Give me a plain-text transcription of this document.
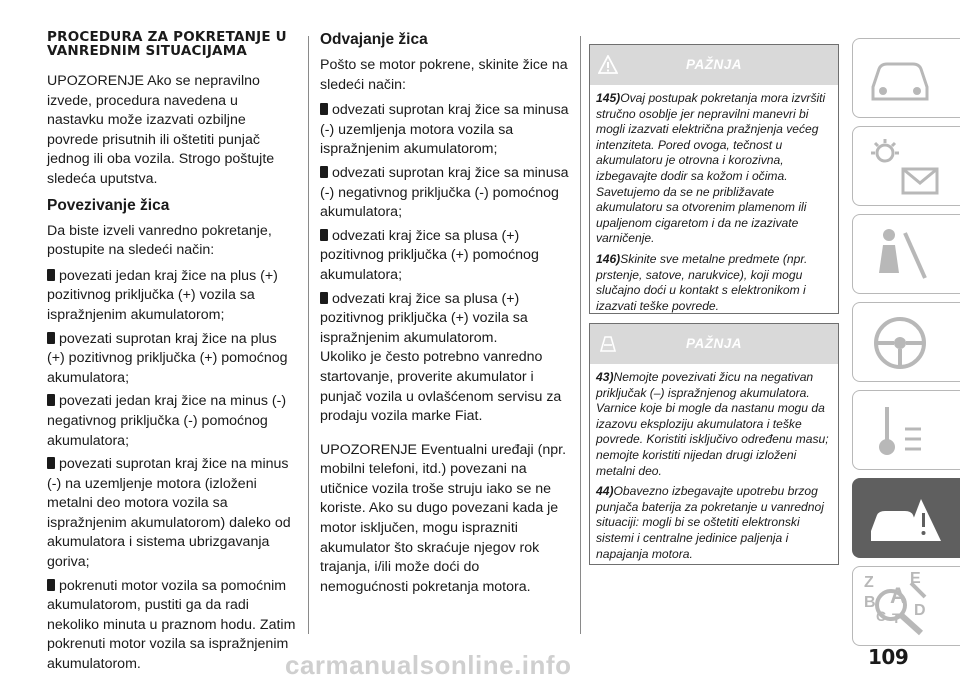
PROCEDURA ZA POKRETANJE U VANREDNIM SITUACIJAMA
UPOZORENJE Ako se nepravilno izvede, procedura navedena u nastavku može izazvati ozbiljne povrede prisutnih ili oštetiti punjač jednog ili oba vozila. Strogo poštujte sledeća uputstva.
Povezivanje žica
Da biste izveli vanredno pokretanje, postupite na sledeći način:
povezati jedan kraj žice na plus (+) pozitivnog priključka (+) vozila sa ispražnjenim akumulatorom;
povezati suprotan kraj žice na plus (+) pozitivnog priključka (+) pomoćnog akumulatora;
povezati jedan kraj žice na minus (-) negativnog priključka (-) pomoćnog akumulatora;
povezati suprotan kraj žice na minus (-) na uzemljenje motora (izloženi metalni deo motora vozila sa ispražnjenim akumulatorom) daleko od akumulatora i sistema ubrizgavanja goriva;
pokrenuti motor vozila sa pomoćnim akumulatorom, pustiti ga da radi nekoliko minuta u praznom hodu. Zatim pokrenuti motor vozila sa ispražnjenim akumulatorom.
Odvajanje žica
Pošto se motor pokrene, skinite žice na sledeći način:
odvezati suprotan kraj žice sa minusa (-) uzemljenja motora vozila sa ispražnjenim akumulatorom;
odvezati suprotan kraj žice sa minusa (-) negativnog priključka (-) pomoćnog akumulatora;
odvezati kraj žice sa plusa (+) pozitivnog priključka (+) pomoćnog akumulatora;
odvezati kraj žice sa plusa (+) pozitivnog priključka (+) vozila sa ispražnjenim akumulatorom.
Ukoliko je često potrebno vanredno startovanje, proverite akumulator i punjač vozila u ovlašćenom servisu za prodaju vozila marke Fiat.
UPOZORENJE Eventualni uređaji (npr. mobilni telefoni, itd.) povezani na utičnice vozila troše struju iako se ne koriste. Ako su dugo povezani kada je motor isključen, mogu isprazniti akumulator što skraćuje njegov rok trajanja, i/ili može doći do nemogućnosti pokretanja motora.
PAŽNJA
145)Ovaj postupak pokretanja mora izvršiti stručno osoblje jer nepravilni manevri bi mogli izazvati električna pražnjenja većeg intenziteta. Pored ovoga, tečnost u akumulatoru je otrovna i korozivna, izbegavajte dodir sa kožom i očima. Savetujemo da se ne približavate akumulatoru sa otvorenim plamenom ili upaljenom cigaretom i da ne izazivate varničenje.
146)Skinite sve metalne predmete (npr. prstenje, satove, narukvice), koji mogu slučajno doći u kontakt s elektronikom i izazvati teške povrede.
PAŽNJA
43)Nemojte povezivati žicu na negativan priključak (–) ispražnjenog akumulatora. Varnice koje bi mogle da nastanu mogu da izazovu eksploziju akumulatora i teške povrede. Koristiti isključivo određenu masu; nemojte koristiti nijedan drugi izloženi metalni deo.
44)Obavezno izbegavajte upotrebu brzog punjača baterija za pokretanje u vanrednoj situaciji: mogli bi se oštetiti elektronski sistemi i centralne jedinice paljenja i napajanja motora.
Z E
A
B
C D
T
109
carmanualsonline.info
